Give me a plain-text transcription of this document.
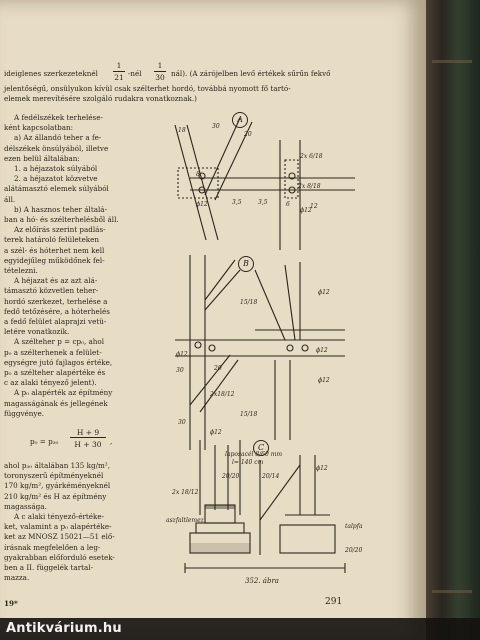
ideiglenes szerkezeteknél
1
21 -nél
1
30 nál). (A zárójelben levő értékek sűrűn fekvő
jelentőségű, onsülyukon kívül csak szélterhet hordó, továbbá nyomott fő tartó-
elemek merevítésére szolgáló rudakra vonatkoznak.)
p₀ = p₃₀
H + 9
H + 30	,
A
B
C
352. ábra
19*	291
Antikvárium.hu
A fedélszékek terhelése-
ként kapcsolatban:
a) Az állandó teher a fe-
délszékek önsúlyából, illetve
ezen belül általában:
1. a héjazatok súlyából
2. a héjazatot közvetve
alátámasztó elemek súlyából
áll.
b) A hasznos teher általá-
ban a hó- és szélterhelésből áll.
Az előírás szerint padlás-
terek határoló felületeken
a szél- és hóterhet nem kell
egyidejűleg működőnek fel-
tételezni.
A héjazat és az azt alá-
támasztó közvetlen teher-
hordó szerkezet, terhelése a
fedő tetőzésére, a hóterhelés
a fedő felület alaprajzi vetü-
letére vonatkozik.
A szélteher p = cp₀, ahol
p₀ a szélterhenek a felület-
egységre jutó fajlagos értéke,
p₀ a szélteher alapértéke és
c az alaki tényező jelent).
A p₀ alapérték az építmény
magasságának és jellegének
függvénye.
ahol p₃₀ általában 135 kg/m²,
toronyszerű építményeknél
170 kg/m², gyárkéményeknél
210 kg/m² és H az építmény
magassága.
A c alaki tényező-értéke-
ket, valamint a p₀ alapértéke-
ket az MNOSZ 15021—51 elő-
írásnak megfelelően a leg-
gyakrabban előforduló esetek-
ben a II. függelék tartal-
mazza.
18
30
20
2x 6/18
2x 8/18
8
3,5	3,5	6	12
ϕ12
ϕ12
15/18
ϕ12
ϕ12
30	20
2x18/12
ϕ12
15/18
ϕ12
30
ϕ12
laposacél 8/60 mm
l= 140 cm
20/20	20/14
2x 18/12
aszfaltlemez
talpfa
20/20
ϕ12
